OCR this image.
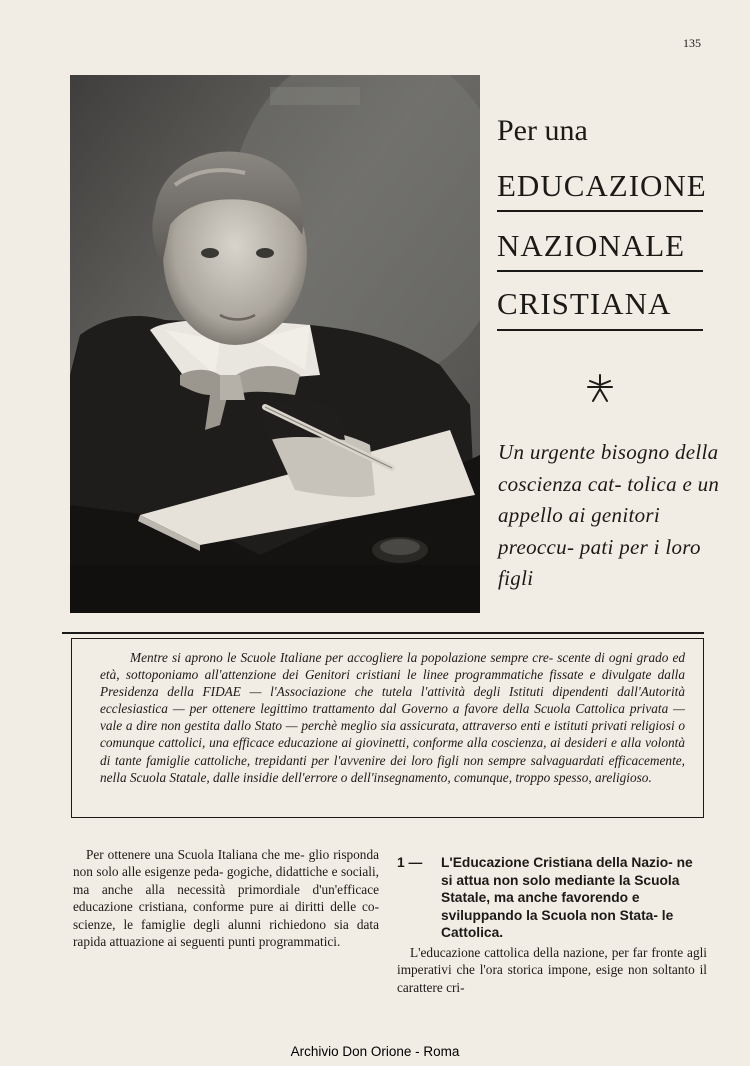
135
Per una
EDUCAZIONE
NAZIONALE
CRISTIANA
Un urgente bisogno della coscienza cat- tolica e un appello ai genitori preoccu- pati per i loro figli

Mentre si aprono le Scuole Italiane per accogliere la popolazione sempre cre- scente di ogni grado ed età, sottoponiamo all'attenzione dei Genitori cristiani le linee programmatiche fissate e divulgate dalla Presidenza della FIDAE — l'Associazione che tutela l'attività degli Istituti dipendenti dall'Autorità ecclesiastica — per ottenere legittimo trattamento dal Governo a favore della Scuola Cattolica privata — vale a dire non gestita dallo Stato — perchè meglio sia assicurata, attraverso enti e istituti privati religiosi o comunque cattolici, una efficace educazione ai giovinetti, conforme alla coscienza, ai desideri e alla volontà di tante famiglie cattoliche, trepidanti per l'avvenire dei loro figli non sempre salvaguardati efficacemente, nella Scuola Statale, dalle insidie dell'errore o dell'insegnamento, comunque, troppo spesso, areligioso.

Per ottenere una Scuola Italiana che me- glio risponda non solo alle esigenze peda- gogiche, didattiche e sociali, ma anche alla necessità primordiale d'un'efficace educazione cristiana, conforme pure ai diritti delle co- scienze, le famiglie degli alunni richiedono sia data rapida attuazione ai seguenti punti programmatici.

1 — L'Educazione Cristiana della Nazio- ne si attua non solo mediante la Scuola Statale, ma anche favorendo e sviluppando la Scuola non Stata- le Cattolica.

L'educazione cattolica della nazione, per far fronte agli imperativi che l'ora storica impone, esige non soltanto il carattere cri-

Archivio Don Orione - Roma
